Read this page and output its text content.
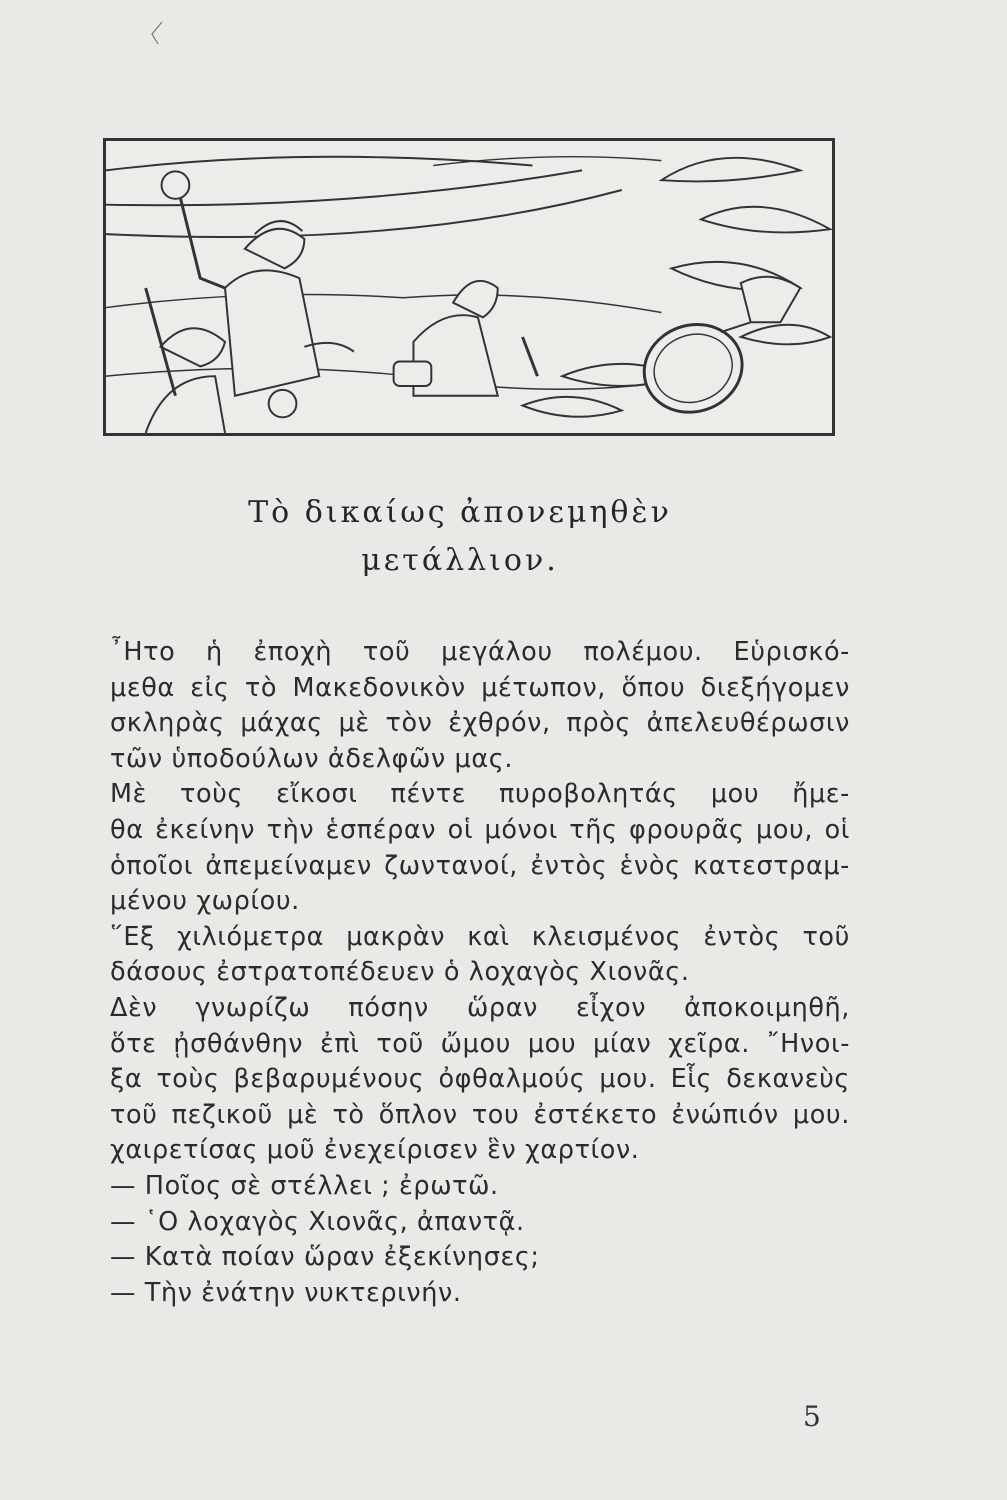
Τὸ δικαίως ἀπονεμηθὲν
μετάλλιον.
῏Ητο ἡ ἐποχὴ τοῦ μεγάλου πολέμου. Εὑρισκό-
μεθα εἰς τὸ Μακεδονικὸν μέτωπον, ὅπου διεξήγομεν
σκληρὰς μάχας μὲ τὸν ἐχθρόν, πρὸς ἀπελευθέρωσιν
τῶν ὑποδούλων ἀδελφῶν μας.
Μὲ τοὺς εἴκοσι πέντε πυροβολητάς μου ἤμε-
θα ἐκείνην τὴν ἑσπέραν οἱ μόνοι τῆς φρουρᾶς μου, οἱ
ὁποῖοι ἀπεμείναμεν ζωντανοί, ἐντὸς ἑνὸς κατεστραμ-
μένου χωρίου.
῞Εξ χιλιόμετρα μακρὰν καὶ κλεισμένος ἐντὸς τοῦ
δάσους ἐστρατοπέδευεν ὁ λοχαγὸς Χιονᾶς.
Δὲν γνωρίζω πόσην ὥραν εἶχον ἀποκοιμηθῆ,
ὅτε ᾐσθάνθην ἐπὶ τοῦ ὤμου μου μίαν χεῖρα. ῎Ηνοι-
ξα τοὺς βεβαρυμένους ὀφθαλμούς μου. Εἷς δεκανεὺς
τοῦ πεζικοῦ μὲ τὸ ὅπλον του ἐστέκετο ἐνώπιόν μου.
χαιρετίσας μοῦ ἐνεχείρισεν ἓν χαρτίον.
— Ποῖος σὲ στέλλει ; ἐρωτῶ.
— ῾Ο λοχαγὸς Χιονᾶς, ἀπαντᾷ.
— Κατὰ ποίαν ὥραν ἐξεκίνησες;
— Τὴν ἐνάτην νυκτερινήν.
5
